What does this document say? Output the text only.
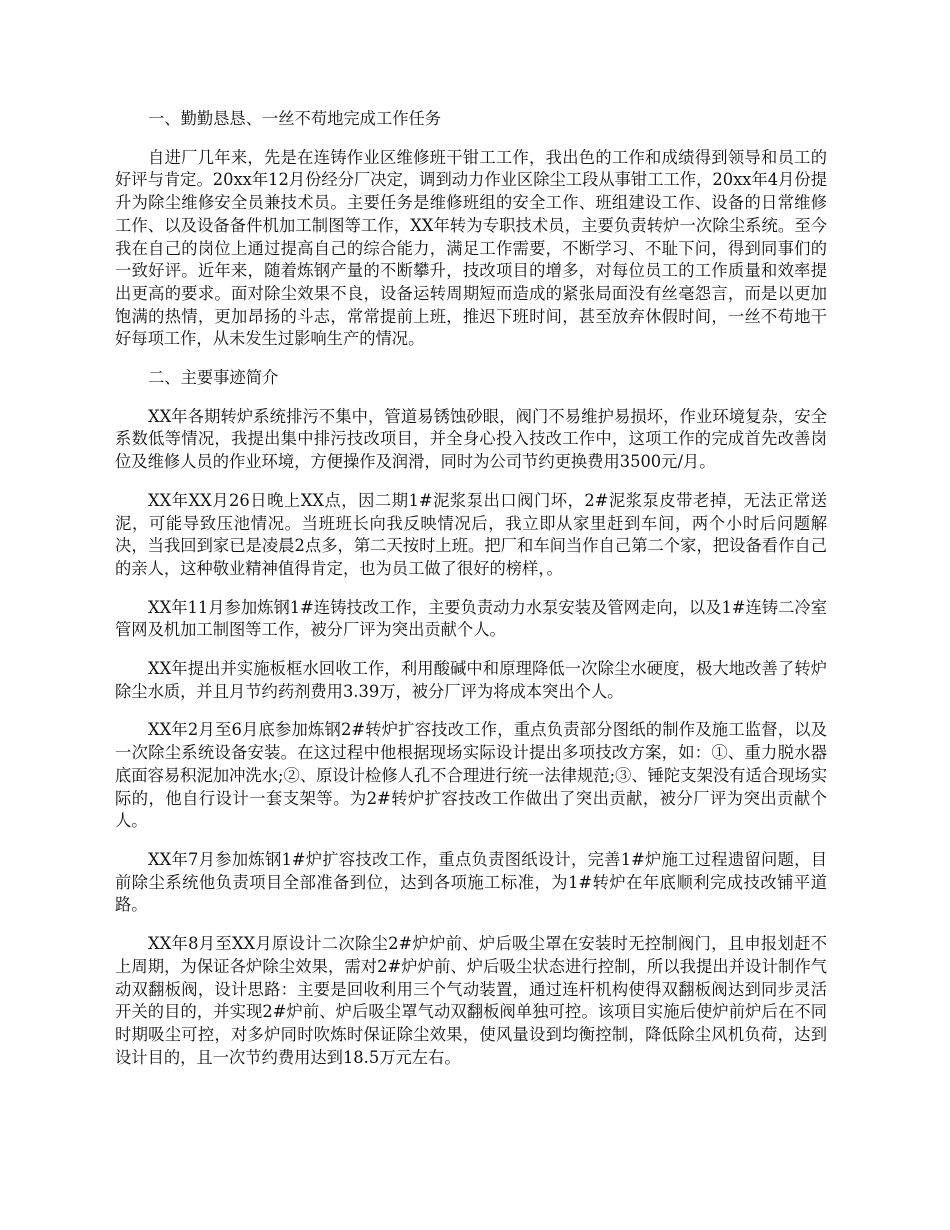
一、勤勤恳恳、一丝不苟地完成工作任务

自进厂几年来，先是在连铸作业区维修班干钳工工作，我出色的工作和成绩得到领导和员工的好评与肯定。20xx年12月份经分厂决定，调到动力作业区除尘工段从事钳工工作，20xx年4月份提升为除尘维修安全员兼技术员。主要任务是维修班组的安全工作、班组建设工作、设备的日常维修工作、以及设备备件机加工制图等工作，XX年转为专职技术员，主要负责转炉一次除尘系统。至今我在自己的岗位上通过提高自己的综合能力，满足工作需要，不断学习、不耻下问，得到同事们的一致好评。近年来，随着炼钢产量的不断攀升，技改项目的增多，对每位员工的工作质量和效率提出更高的要求。面对除尘效果不良，设备运转周期短而造成的紧张局面没有丝毫怨言，而是以更加饱满的热情，更加昂扬的斗志，常常提前上班，推迟下班时间，甚至放弃休假时间，一丝不苟地干好每项工作，从未发生过影响生产的情况。

二、主要事迹简介

XX年各期转炉系统排污不集中，管道易锈蚀砂眼，阀门不易维护易损坏，作业环境复杂，安全系数低等情况，我提出集中排污技改项目，并全身心投入技改工作中，这项工作的完成首先改善岗位及维修人员的作业环境，方便操作及润滑，同时为公司节约更换费用3500元/月。

XX年XX月26日晚上XX点，因二期1#泥浆泵出口阀门坏，2#泥浆泵皮带老掉，无法正常送泥，可能导致压池情况。当班班长向我反映情况后，我立即从家里赶到车间，两个小时后问题解决，当我回到家已是凌晨2点多，第二天按时上班。把厂和车间当作自己第二个家，把设备看作自己的亲人，这种敬业精神值得肯定，也为员工做了很好的榜样，。

XX年11月参加炼钢1#连铸技改工作，主要负责动力水泵安装及管网走向，以及1#连铸二冷室管网及机加工制图等工作，被分厂评为突出贡献个人。

XX年提出并实施板框水回收工作，利用酸碱中和原理降低一次除尘水硬度，极大地改善了转炉除尘水质，并且月节约药剂费用3.39万，被分厂评为将成本突出个人。

XX年2月至6月底参加炼钢2#转炉扩容技改工作，重点负责部分图纸的制作及施工监督，以及一次除尘系统设备安装。在这过程中他根据现场实际设计提出多项技改方案，如：①、重力脱水器底面容易积泥加冲洗水;②、原设计检修人孔不合理进行统一法律规范;③、锤陀支架没有适合现场实际的，他自行设计一套支架等。为2#转炉扩容技改工作做出了突出贡献，被分厂评为突出贡献个人。

XX年7月参加炼钢1#炉扩容技改工作，重点负责图纸设计，完善1#炉施工过程遗留问题，目前除尘系统他负责项目全部准备到位，达到各项施工标准，为1#转炉在年底顺利完成技改铺平道路。

XX年8月至XX月原设计二次除尘2#炉炉前、炉后吸尘罩在安装时无控制阀门，且申报划赶不上周期，为保证各炉除尘效果，需对2#炉炉前、炉后吸尘状态进行控制，所以我提出并设计制作气动双翻板阀，设计思路：主要是回收利用三个气动装置，通过连杆机构使得双翻板阀达到同步灵活开关的目的，并实现2#炉前、炉后吸尘罩气动双翻板阀单独可控。该项目实施后使炉前炉后在不同时期吸尘可控，对多炉同时吹炼时保证除尘效果，使风量设到均衡控制，降低除尘风机负荷，达到设计目的，且一次节约费用达到18.5万元左右。
